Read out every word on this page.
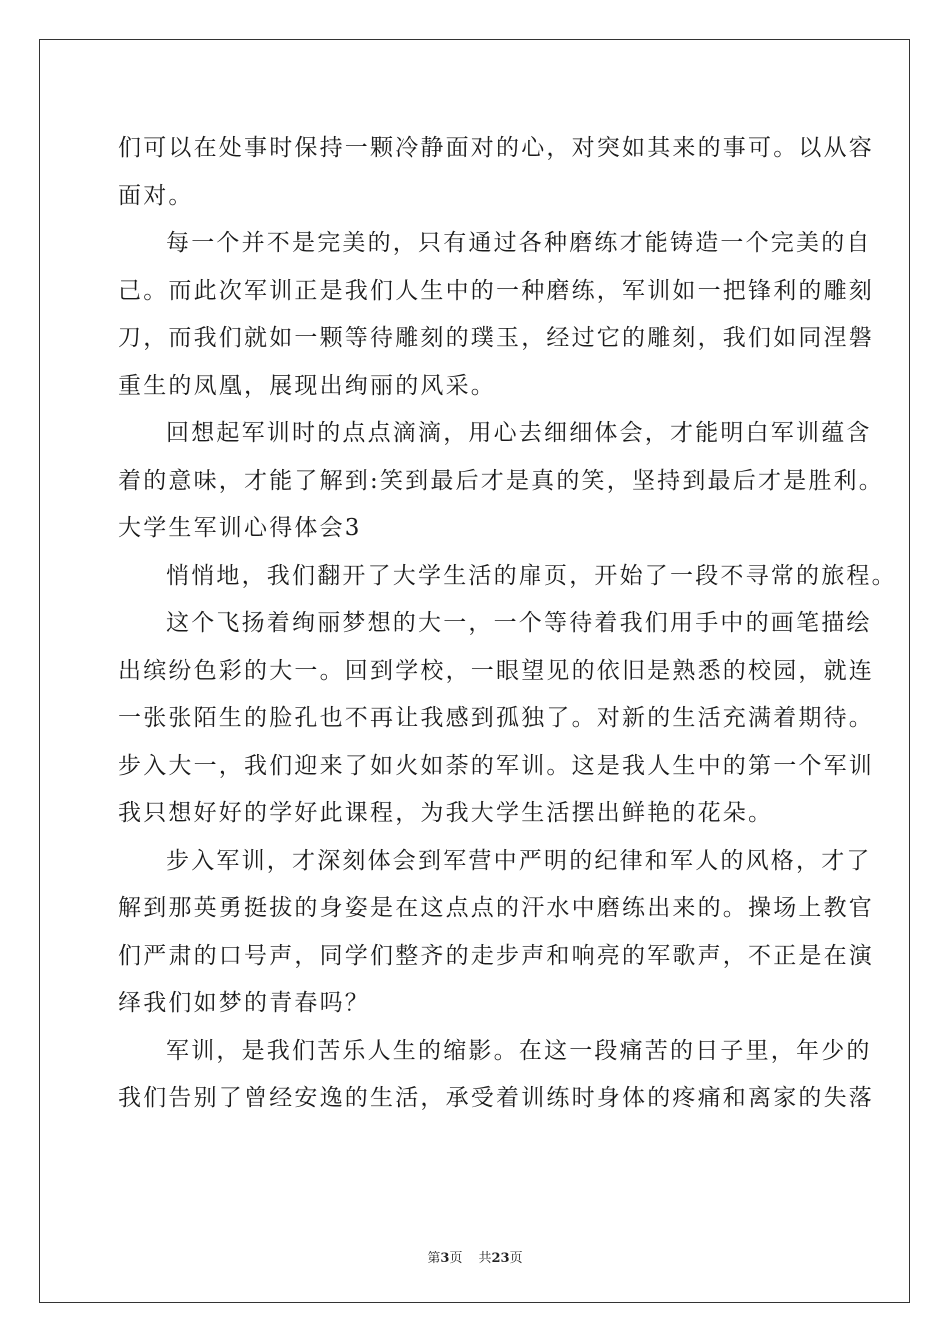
们可以在处事时保持一颗冷静面对的心，对突如其来的事可。以从容
面对。
每一个并不是完美的，只有通过各种磨练才能铸造一个完美的自
己。而此次军训正是我们人生中的一种磨练，军训如一把锋利的雕刻
刀，而我们就如一颗等待雕刻的璞玉，经过它的雕刻，我们如同涅磐
重生的凤凰，展现出绚丽的风采。
回想起军训时的点点滴滴，用心去细细体会，才能明白军训蕴含
着的意味，才能了解到:笑到最后才是真的笑，坚持到最后才是胜利。
大学生军训心得体会3
悄悄地，我们翻开了大学生活的扉页，开始了一段不寻常的旅程。
这个飞扬着绚丽梦想的大一，一个等待着我们用手中的画笔描绘
出缤纷色彩的大一。回到学校，一眼望见的依旧是熟悉的校园，就连
一张张陌生的脸孔也不再让我感到孤独了。对新的生活充满着期待。
步入大一，我们迎来了如火如荼的军训。这是我人生中的第一个军训
我只想好好的学好此课程，为我大学生活摆出鲜艳的花朵。
步入军训，才深刻体会到军营中严明的纪律和军人的风格，才了
解到那英勇挺拔的身姿是在这点点的汗水中磨练出来的。操场上教官
们严肃的口号声，同学们整齐的走步声和响亮的军歌声，不正是在演
绎我们如梦的青春吗？
军训，是我们苦乐人生的缩影。在这一段痛苦的日子里，年少的
我们告别了曾经安逸的生活，承受着训练时身体的疼痛和离家的失落
第3页 共23页
